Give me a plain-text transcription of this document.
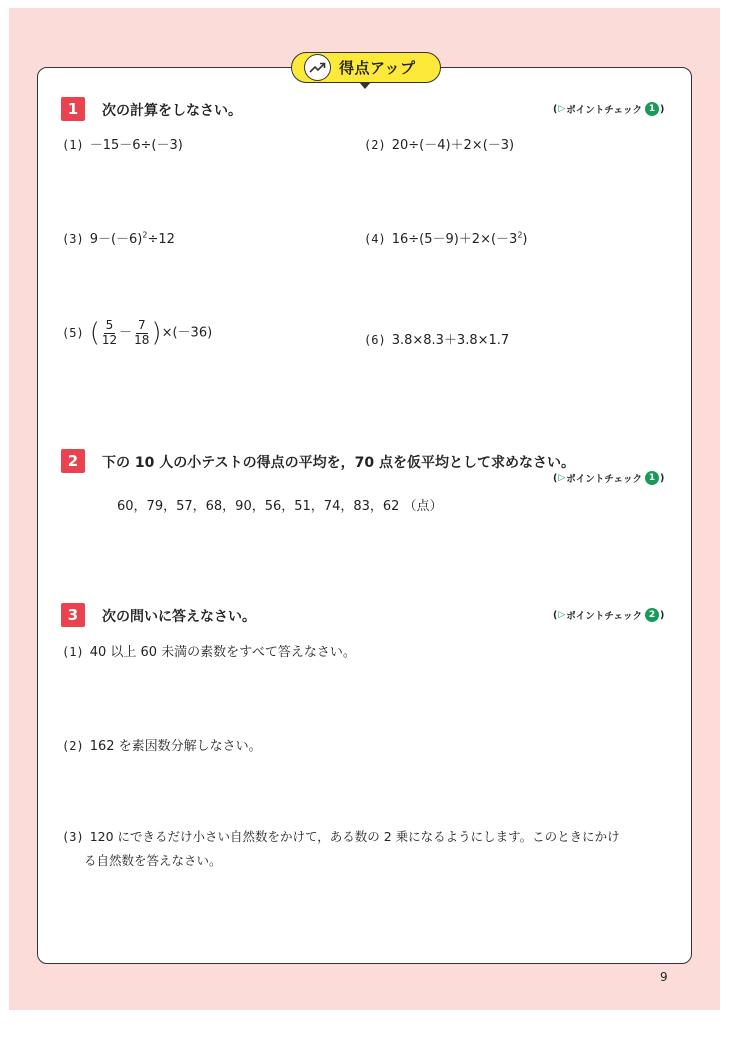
得点アップ
1	次の計算をしなさい。	( ▷ ポイントチェック 1 )
(1) －15－6÷(－3)	(2) 20÷(－4)＋2×(－3)
(3) $9-(-6)^2\div 12$	(4) $16\div(5-9)+2\times(-3^2)$
(5) ( $\frac{5}{12} - \frac{7}{18} )\times(-36)$	(6) 3.8×8.3＋3.8×1.7
2	下の 10 人の小テストの得点の平均を，70 点を仮平均として求めなさい。
( ▷ ポイントチェック 1 )
60，79，57，68，90，56，51，74，83，62 （点）
3	次の問いに答えなさい。	( ▷ ポイントチェック 2 )
(1) 40 以上 60 未満の素数をすべて答えなさい。
(2) 162 を素因数分解しなさい。
(3) 120 にできるだけ小さい自然数をかけて，ある数の 2 乗になるようにします。このときにかけ
る自然数を答えなさい。
9
